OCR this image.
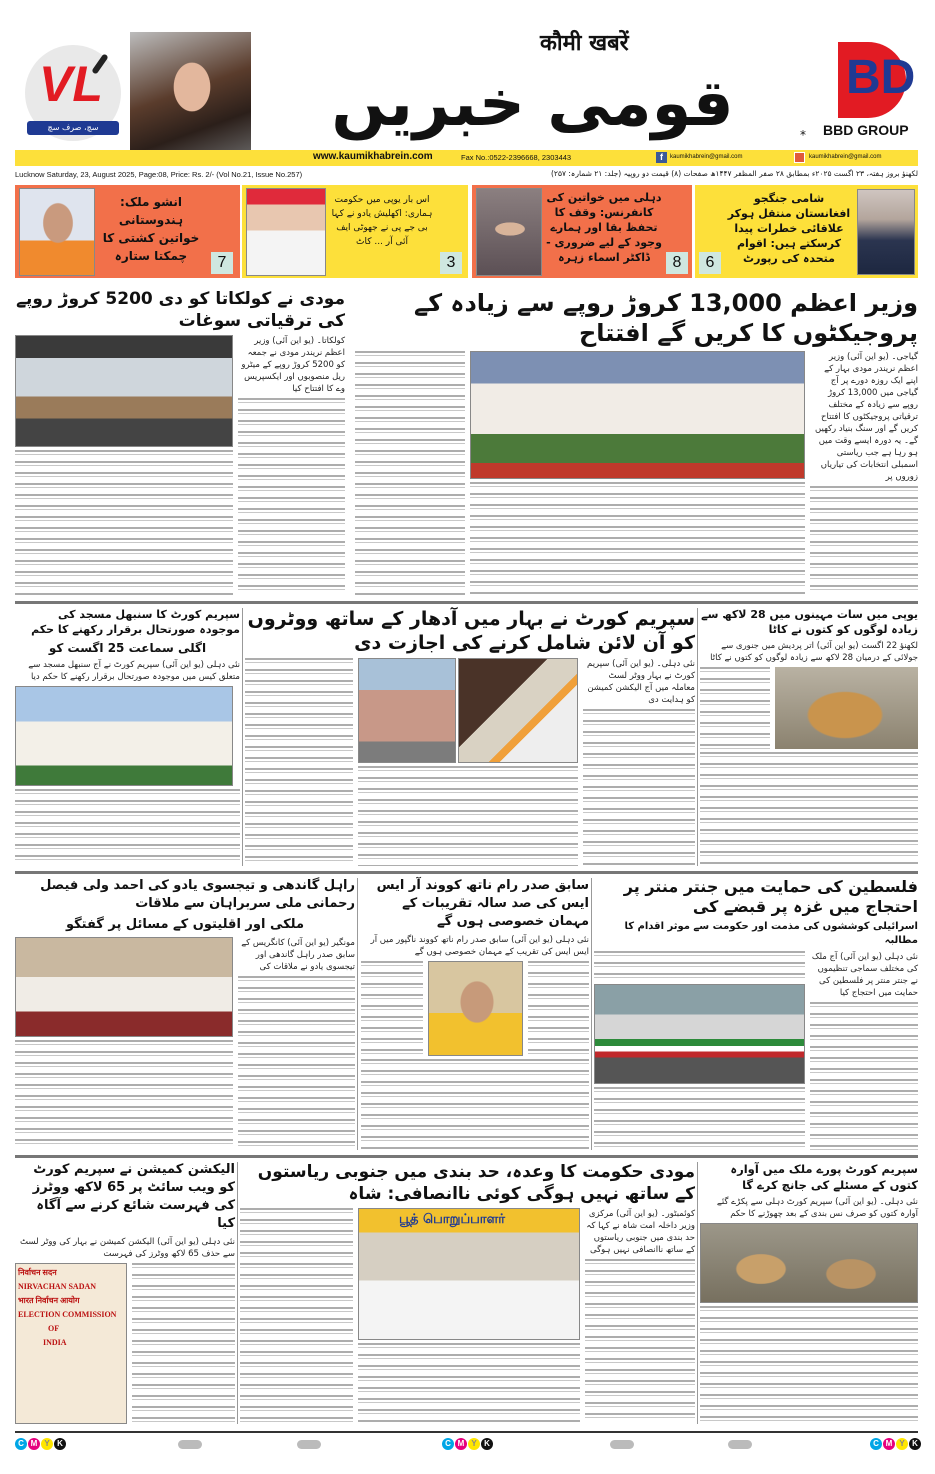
VL
سچ، صرف سچ
कौमी खबरें
قومی خبریں	*
BD
BBD GROUP
www.kaumikhabrein.com	Fax No.:0522-2396668, 2303443	f	kaumikhabrein@gmail.com	kaumikhabrein@gmail.com
Lucknow Saturday, 23, August 2025, Page:08, Price: Rs. 2/- (Vol No.21, Issue No.257)	لکھنؤ بروز ہفتہ، ۲۳ اگست ۲۰۲۵ء بمطابق ۲۸ صفر المظفر ۱۴۴۷ھ صفحات (۸) قیمت دو روپیہ (جلد: ۲۱ شمارہ: ۲۵۷)
شامی جنگجو افغانستان منتقل ہوکر علاقائی خطرات پیدا کرسکتے ہیں: اقوام متحدہ کی رپورٹ
6
دہلی میں خواتین کی کانفرنس: وقف کا تحفظ بقا اور ہمارے وجود کے لیے ضروری - ڈاکٹر اسماء زہرہ	8
اس بار یوپی میں حکومت ہماری: اکھلیش یادو نے کہا بی جے پی نے جھوٹی ایف آئی آر ... کاٹ
3
انشو ملک: ہندوستانی خواتین کشتی کا چمکتا ستارہ	7
وزیر اعظم 13,000 کروڑ روپے سے زیادہ کے پروجیکٹوں کا کریں گے افتتاح
گیاجی۔ (یو این آئی) وزیر اعظم نریندر مودی بہار کے اپنے ایک روزہ دورے پر آج گیاجی میں 13,000 کروڑ روپے سے زیادہ کے مختلف ترقیاتی پروجیکٹوں کا افتتاح کریں گے اور سنگ بنیاد رکھیں گے۔ یہ دورہ ایسے وقت میں ہو رہا ہے جب ریاستی اسمبلی انتخابات کی تیاریاں زوروں پر
مودی نے کولکاتا کو دی 5200 کروڑ روپے کی ترقیاتی سوغات
کولکاتا۔ (یو این آئی) وزیر اعظم نریندر مودی نے جمعہ کو 5200 کروڑ روپے کے میٹرو ریل منصوبوں اور ایکسپریس وے کا افتتاح کیا
یوپی میں سات مہینوں میں 28 لاکھ سے زیادہ لوگوں کو کتوں نے کاٹا
لکھنؤ 22 اگست (یو این آئی) اتر پردیش میں جنوری سے جولائی کے درمیان 28 لاکھ سے زیادہ لوگوں کو کتوں نے کاٹا
سپریم کورٹ نے بہار میں آدھار کے ساتھ ووٹروں کو آن لائن شامل کرنے کی اجازت دی
نئی دہلی۔ (یو این آئی) سپریم کورٹ نے بہار ووٹر لسٹ معاملہ میں آج الیکشن کمیشن کو ہدایت دی
سپریم کورٹ کا سنبھل مسجد کی موجودہ صورتحال برقرار رکھنے کا حکم
اگلی سماعت 25 اگست کو
نئی دہلی (یو این آئی) سپریم کورٹ نے آج سنبھل مسجد سے متعلق کیس میں موجودہ صورتحال برقرار رکھنے کا حکم دیا
فلسطین کی حمایت میں جنتر منتر پر احتجاج میں غزہ پر قبضے کی
اسرائیلی کوششوں کی مذمت اور حکومت سے موثر اقدام کا مطالبہ
نئی دہلی (یو این آئی) آج ملک کی مختلف سماجی تنظیموں نے جنتر منتر پر فلسطین کی حمایت میں احتجاج کیا
سابق صدر رام ناتھ کووند آر ایس ایس کی صد سالہ تقریبات کے مہمان خصوصی ہوں گے
نئی دہلی (یو این آئی) سابق صدر رام ناتھ کووند ناگپور میں آر ایس ایس کی تقریب کے مہمان خصوصی ہوں گے
راہل گاندھی و تیجسوی یادو کی احمد ولی فیصل رحمانی ملی سربراہان سے ملاقات
ملکی اور اقلیتوں کے مسائل پر گفتگو
مونگیر (یو این آئی) کانگریس کے سابق صدر راہل گاندھی اور تیجسوی یادو نے ملاقات کی
سپریم کورٹ پورے ملک میں آوارہ کتوں کے مسئلے کی جانچ کرے گا
نئی دہلی۔ (یو این آئی) سپریم کورٹ دہلی سے پکڑے گئے آوارہ کتوں کو صرف نس بندی کے بعد چھوڑنے کا حکم
مودی حکومت کا وعدہ، حد بندی میں جنوبی ریاستوں کے ساتھ نہیں ہوگی کوئی ناانصافی: شاہ
کوئمبٹور۔ (یو این آئی) مرکزی وزیر داخلہ امت شاہ نے کہا کہ حد بندی میں جنوبی ریاستوں کے ساتھ ناانصافی نہیں ہوگی
பூத் பொறுப்பாளர்
الیکشن کمیشن نے سپریم کورٹ کو ویب سائٹ پر 65 لاکھ ووٹرز کی فہرست شائع کرنے سے آگاہ کیا
نئی دہلی (یو این آئی) الیکشن کمیشن نے بہار کی ووٹر لسٹ سے حذف 65 لاکھ ووٹرز کی فہرست
निर्वाचन सदन
NIRVACHAN SADAN
भारत निर्वाचन आयोग
ELECTION COMMISSION
OF
INDIA
C M Y K	C M Y K	C M Y K
